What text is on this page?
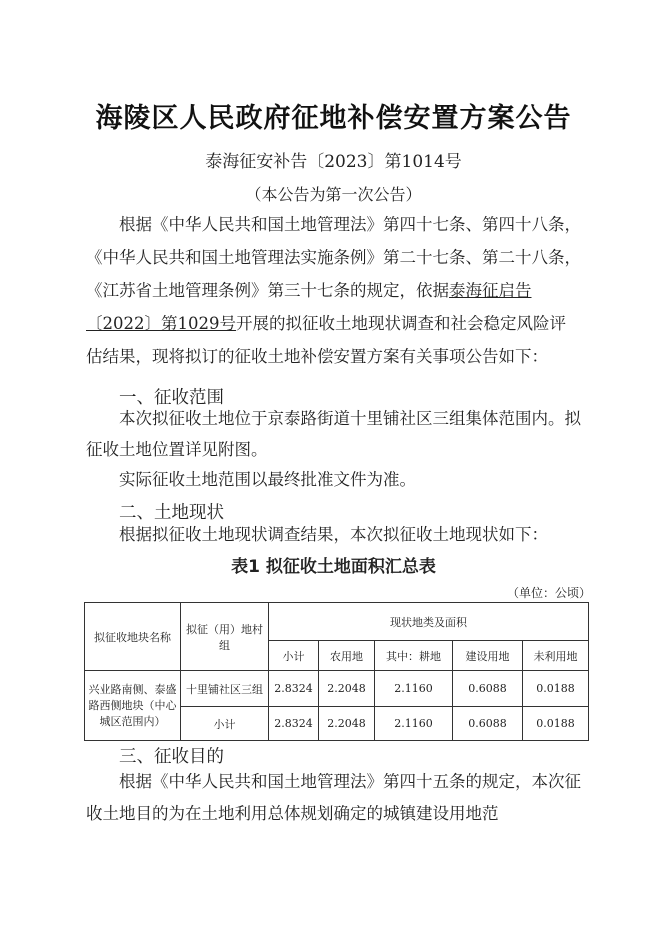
海陵区人民政府征地补偿安置方案公告
泰海征安补告〔2023〕第1014号
（本公告为第一次公告）
根据《中华人民共和国土地管理法》第四十七条、第四十八条，《中华人民共和国土地管理法实施条例》第二十七条、第二十八条，《江苏省土地管理条例》第三十七条的规定，依据泰海征启告〔2022〕第1029号开展的拟征收土地现状调查和社会稳定风险评估结果，现将拟订的征收土地补偿安置方案有关事项公告如下：
一、征收范围
本次拟征收土地位于京泰路街道十里铺社区三组集体范围内。拟征收土地位置详见附图。
实际征收土地范围以最终批准文件为准。
二、土地现状
根据拟征收土地现状调查结果，本次拟征收土地现状如下：
表1 拟征收土地面积汇总表
（单位：公顷）
拟征收地块名称	拟征（用）地村组	现状地类及面积				
		小计	农用地	其中：耕地	建设用地	未利用地
兴业路南侧、泰盛路西侧地块（中心城区范围内）	十里铺社区三组	2.8324	2.2048	2.1160	0.6088	0.0188
	小计	2.8324	2.2048	2.1160	0.6088	0.0188
三、征收目的
根据《中华人民共和国土地管理法》第四十五条的规定，本次征收土地目的为在土地利用总体规划确定的城镇建设用地范
